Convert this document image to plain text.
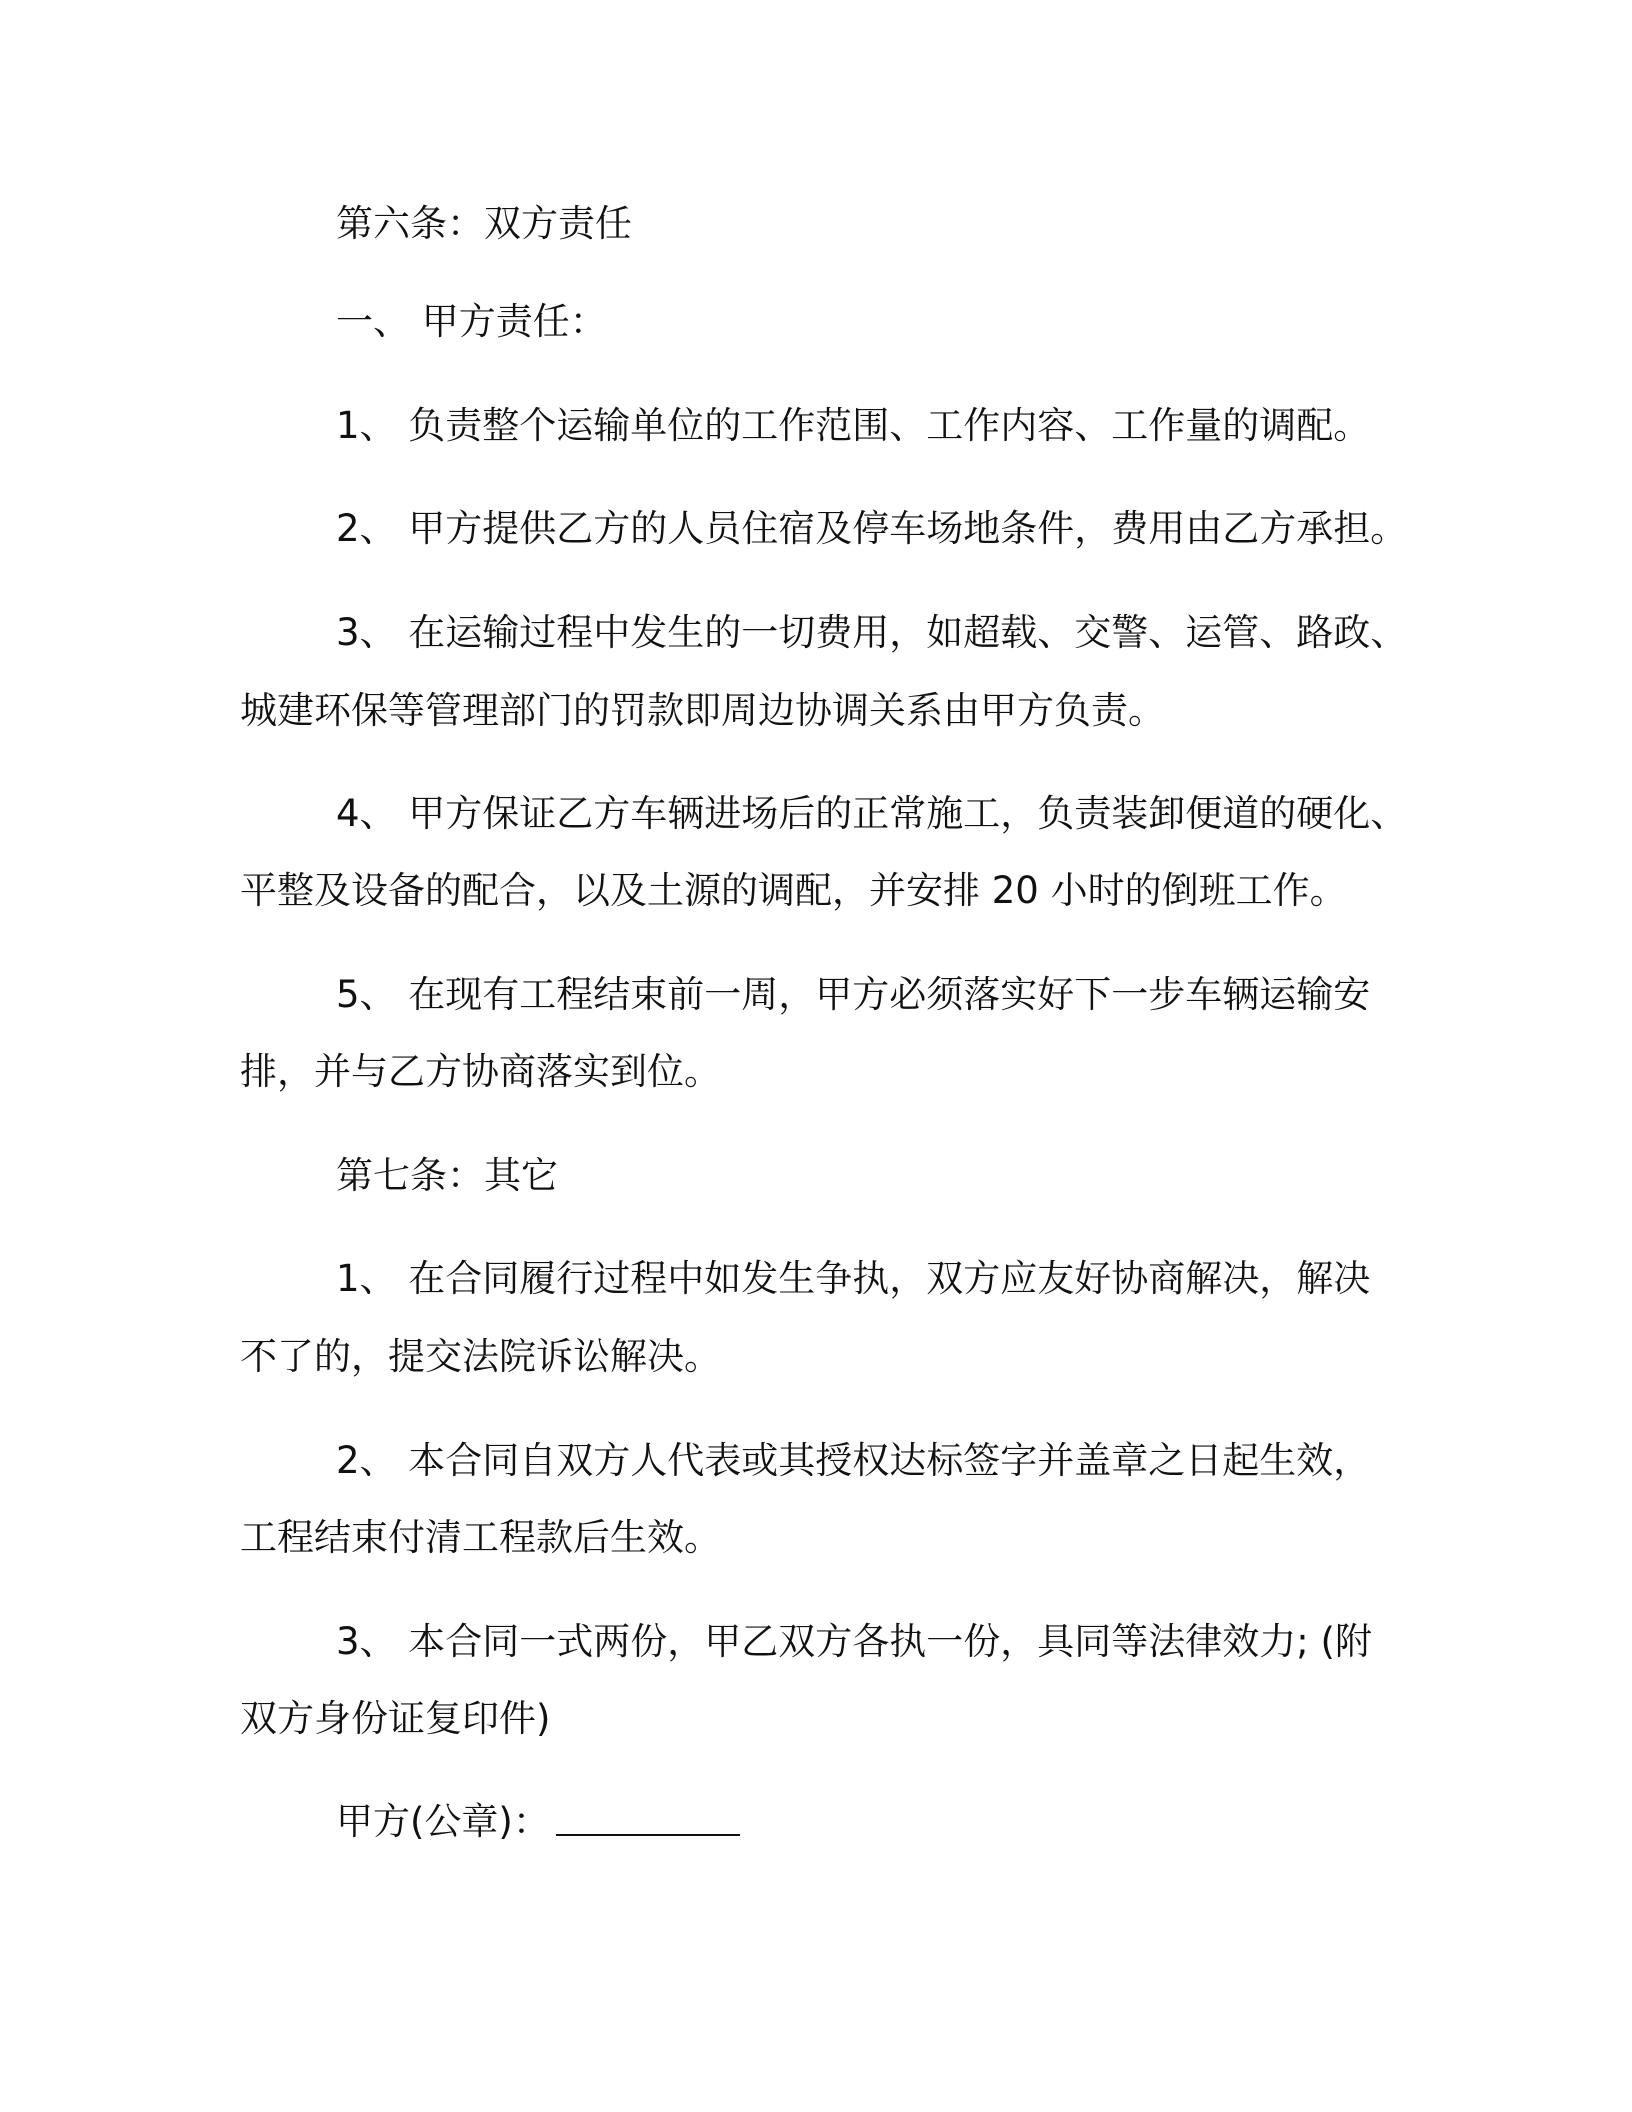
第六条：双方责任

一、 甲方责任：

1、 负责整个运输单位的工作范围、工作内容、工作量的调配。

2、 甲方提供乙方的人员住宿及停车场地条件，费用由乙方承担。

3、 在运输过程中发生的一切费用，如超载、交警、运管、路政、

城建环保等管理部门的罚款即周边协调关系由甲方负责。

4、 甲方保证乙方车辆进场后的正常施工，负责装卸便道的硬化、

平整及设备的配合，以及土源的调配，并安排 20 小时的倒班工作。

5、 在现有工程结束前一周，甲方必须落实好下一步车辆运输安

排，并与乙方协商落实到位。

第七条：其它

1、 在合同履行过程中如发生争执，双方应友好协商解决，解决

不了的，提交法院诉讼解决。

2、 本合同自双方人代表或其授权达标签字并盖章之日起生效，

工程结束付清工程款后生效。

3、 本合同一式两份，甲乙双方各执一份，具同等法律效力; (附

双方身份证复印件)

甲方(公章)：
